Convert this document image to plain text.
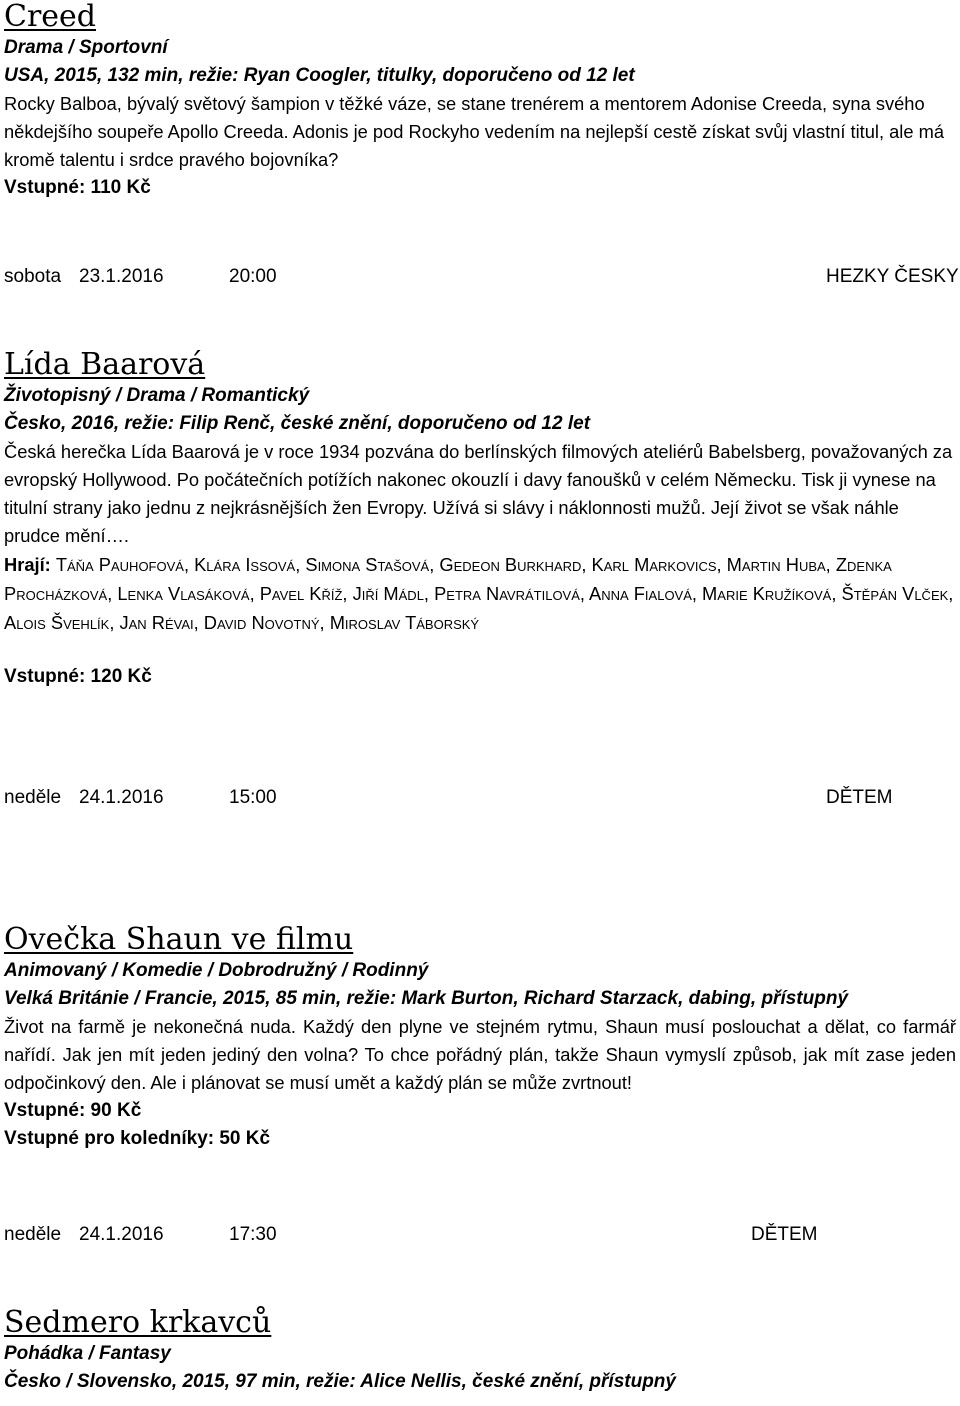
Creed
Drama / Sportovní
USA, 2015, 132 min, režie: Ryan Coogler, titulky, doporučeno od 12 let
Rocky Balboa, bývalý světový šampion v těžké váze, se stane trenérem a mentorem Adonise Creeda, syna svého někdejšího soupeře Apollo Creeda. Adonis je pod Rockyho vedením na nejlepší cestě získat svůj vlastní titul, ale má kromě talentu i srdce pravého bojovníka?
Vstupné: 110 Kč
sobota 23.1.2016	20:00	HEZKY ČESKY
Lída Baarová
Životopisný / Drama / Romantický
Česko, 2016, režie: Filip Renč, české znění, doporučeno od 12 let
Česká herečka Lída Baarová je v roce 1934 pozvána do berlínských filmových ateliérů Babelsberg, považovaných za evropský Hollywood. Po počátečních potížích nakonec okouzlí i davy fanoušků v celém Německu. Tisk ji vynese na titulní strany jako jednu z nejkrásnějších žen Evropy. Užívá si slávy i náklonnosti mužů. Její život se však náhle prudce mění….
Hrají: Táňa Pauhofová, Klára Issová, Simona Stašová, Gedeon Burkhard, Karl Markovics, Martin Huba, Zdenka Procházková, Lenka Vlasáková, Pavel Kříž, Jiří Mádl, Petra Navrátilová, Anna Fialová, Marie Kružíková, Štěpán Vlček, Alois Švehlík, Jan Révai, David Novotný, Miroslav Táborský
Vstupné: 120 Kč
neděle 24.1.2016	15:00	DĚTEM
Ovečka Shaun ve filmu
Animovaný / Komedie / Dobrodružný / Rodinný
Velká Británie / Francie, 2015, 85 min, režie: Mark Burton, Richard Starzack, dabing, přístupný
Život na farmě je nekonečná nuda. Každý den plyne ve stejném rytmu, Shaun musí poslouchat a dělat, co farmář nařídí. Jak jen mít jeden jediný den volna? To chce pořádný plán, takže Shaun vymyslí způsob, jak mít zase jeden odpočinkový den. Ale i plánovat se musí umět a každý plán se může zvrtnout!
Vstupné: 90 Kč
Vstupné pro koledníky: 50 Kč
neděle 24.1.2016	17:30	DĚTEM
Sedmero krkavců
Pohádka / Fantasy
Česko / Slovensko, 2015, 97 min, režie: Alice Nellis, české znění, přístupný
